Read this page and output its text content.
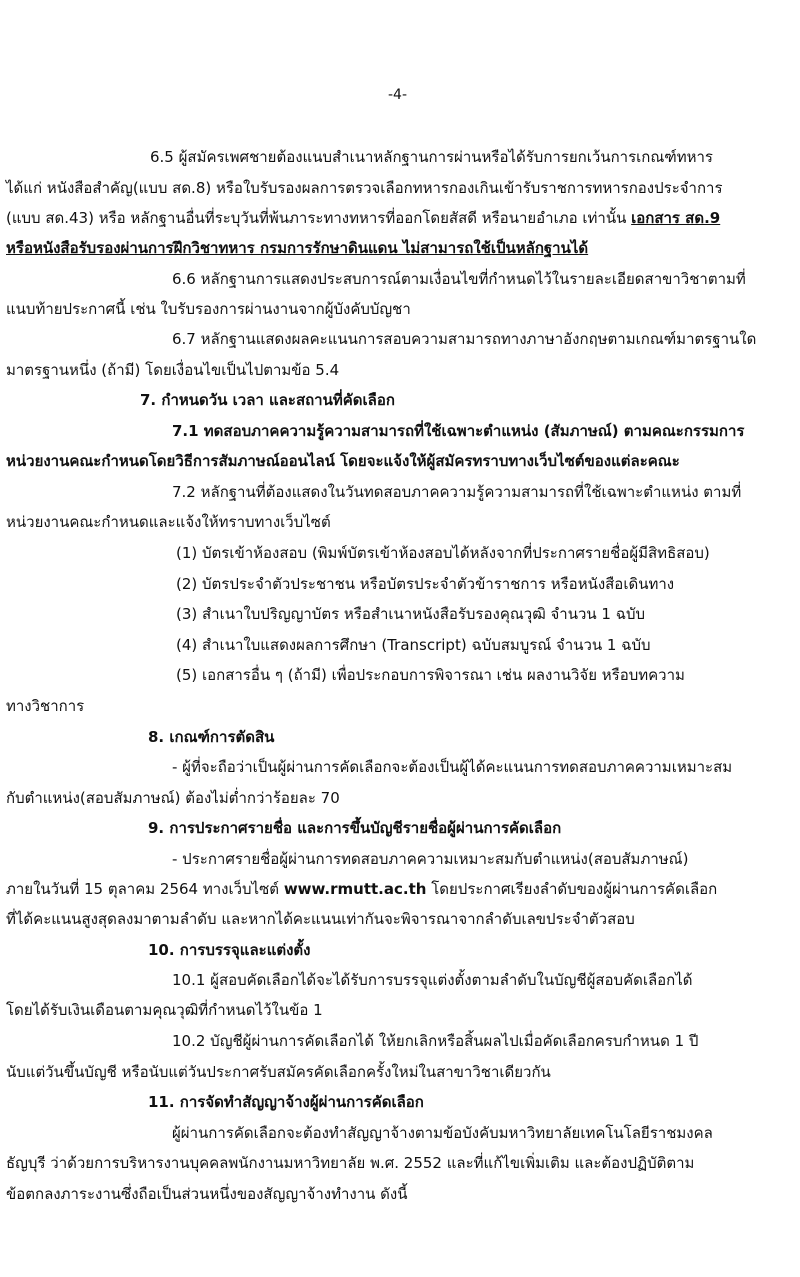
-4-
6.5 ผู้สมัครเพศชายต้องแนบสำเนาหลักฐานการผ่านหรือได้รับการยกเว้นการเกณฑ์ทหาร
ได้แก่ หนังสือสำคัญ(แบบ สด.8) หรือใบรับรองผลการตรวจเลือกทหารกองเกินเข้ารับราชการทหารกองประจำการ
(แบบ สด.43) หรือ หลักฐานอื่นที่ระบุวันที่พ้นภาระทางทหารที่ออกโดยสัสดี หรือนายอำเภอ เท่านั้น เอกสาร สด.9
หรือหนังสือรับรองผ่านการฝึกวิชาทหาร กรมการรักษาดินแดน ไม่สามารถใช้เป็นหลักฐานได้
6.6 หลักฐานการแสดงประสบการณ์ตามเงื่อนไขที่กำหนดไว้ในรายละเอียดสาขาวิชาตามที่
แนบท้ายประกาศนี้ เช่น ใบรับรองการผ่านงานจากผู้บังคับบัญชา
6.7 หลักฐานแสดงผลคะแนนการสอบความสามารถทางภาษาอังกฤษตามเกณฑ์มาตรฐานใด
มาตรฐานหนึ่ง (ถ้ามี) โดยเงื่อนไขเป็นไปตามข้อ 5.4
7. กำหนดวัน เวลา และสถานที่คัดเลือก
7.1 ทดสอบภาคความรู้ความสามารถที่ใช้เฉพาะตำแหน่ง (สัมภาษณ์) ตามคณะกรรมการ
หน่วยงานคณะกำหนดโดยวิธีการสัมภาษณ์ออนไลน์ โดยจะแจ้งให้ผู้สมัครทราบทางเว็บไซต์ของแต่ละคณะ
7.2 หลักฐานที่ต้องแสดงในวันทดสอบภาคความรู้ความสามารถที่ใช้เฉพาะตำแหน่ง ตามที่
หน่วยงานคณะกำหนดและแจ้งให้ทราบทางเว็บไซต์
(1) บัตรเข้าห้องสอบ (พิมพ์บัตรเข้าห้องสอบได้หลังจากที่ประกาศรายชื่อผู้มีสิทธิสอบ)
(2) บัตรประจำตัวประชาชน หรือบัตรประจำตัวข้าราชการ หรือหนังสือเดินทาง
(3) สำเนาใบปริญญาบัตร หรือสำเนาหนังสือรับรองคุณวุฒิ จำนวน 1 ฉบับ
(4) สำเนาใบแสดงผลการศึกษา (Transcript) ฉบับสมบูรณ์ จำนวน 1 ฉบับ
(5) เอกสารอื่น ๆ (ถ้ามี) เพื่อประกอบการพิจารณา เช่น ผลงานวิจัย หรือบทความ
ทางวิชาการ
8. เกณฑ์การตัดสิน
- ผู้ที่จะถือว่าเป็นผู้ผ่านการคัดเลือกจะต้องเป็นผู้ได้คะแนนการทดสอบภาคความเหมาะสม
กับตำแหน่ง(สอบสัมภาษณ์) ต้องไม่ต่ำกว่าร้อยละ 70
9. การประกาศรายชื่อ และการขึ้นบัญชีรายชื่อผู้ผ่านการคัดเลือก
- ประกาศรายชื่อผู้ผ่านการทดสอบภาคความเหมาะสมกับตำแหน่ง(สอบสัมภาษณ์)
ภายในวันที่ 15 ตุลาคม 2564 ทางเว็บไซต์ www.rmutt.ac.th โดยประกาศเรียงลำดับของผู้ผ่านการคัดเลือก
ที่ได้คะแนนสูงสุดลงมาตามลำดับ และหากได้คะแนนเท่ากันจะพิจารณาจากลำดับเลขประจำตัวสอบ
10. การบรรจุและแต่งตั้ง
10.1 ผู้สอบคัดเลือกได้จะได้รับการบรรจุแต่งตั้งตามลำดับในบัญชีผู้สอบคัดเลือกได้
โดยได้รับเงินเดือนตามคุณวุฒิที่กำหนดไว้ในข้อ 1
10.2 บัญชีผู้ผ่านการคัดเลือกได้ ให้ยกเลิกหรือสิ้นผลไปเมื่อคัดเลือกครบกำหนด 1 ปี
นับแต่วันขึ้นบัญชี หรือนับแต่วันประกาศรับสมัครคัดเลือกครั้งใหม่ในสาขาวิชาเดียวกัน
11. การจัดทำสัญญาจ้างผู้ผ่านการคัดเลือก
ผู้ผ่านการคัดเลือกจะต้องทำสัญญาจ้างตามข้อบังคับมหาวิทยาลัยเทคโนโลยีราชมงคล
ธัญบุรี ว่าด้วยการบริหารงานบุคคลพนักงานมหาวิทยาลัย พ.ศ. 2552 และที่แก้ไขเพิ่มเติม และต้องปฏิบัติตาม
ข้อตกลงภาระงานซึ่งถือเป็นส่วนหนึ่งของสัญญาจ้างทำงาน ดังนี้
